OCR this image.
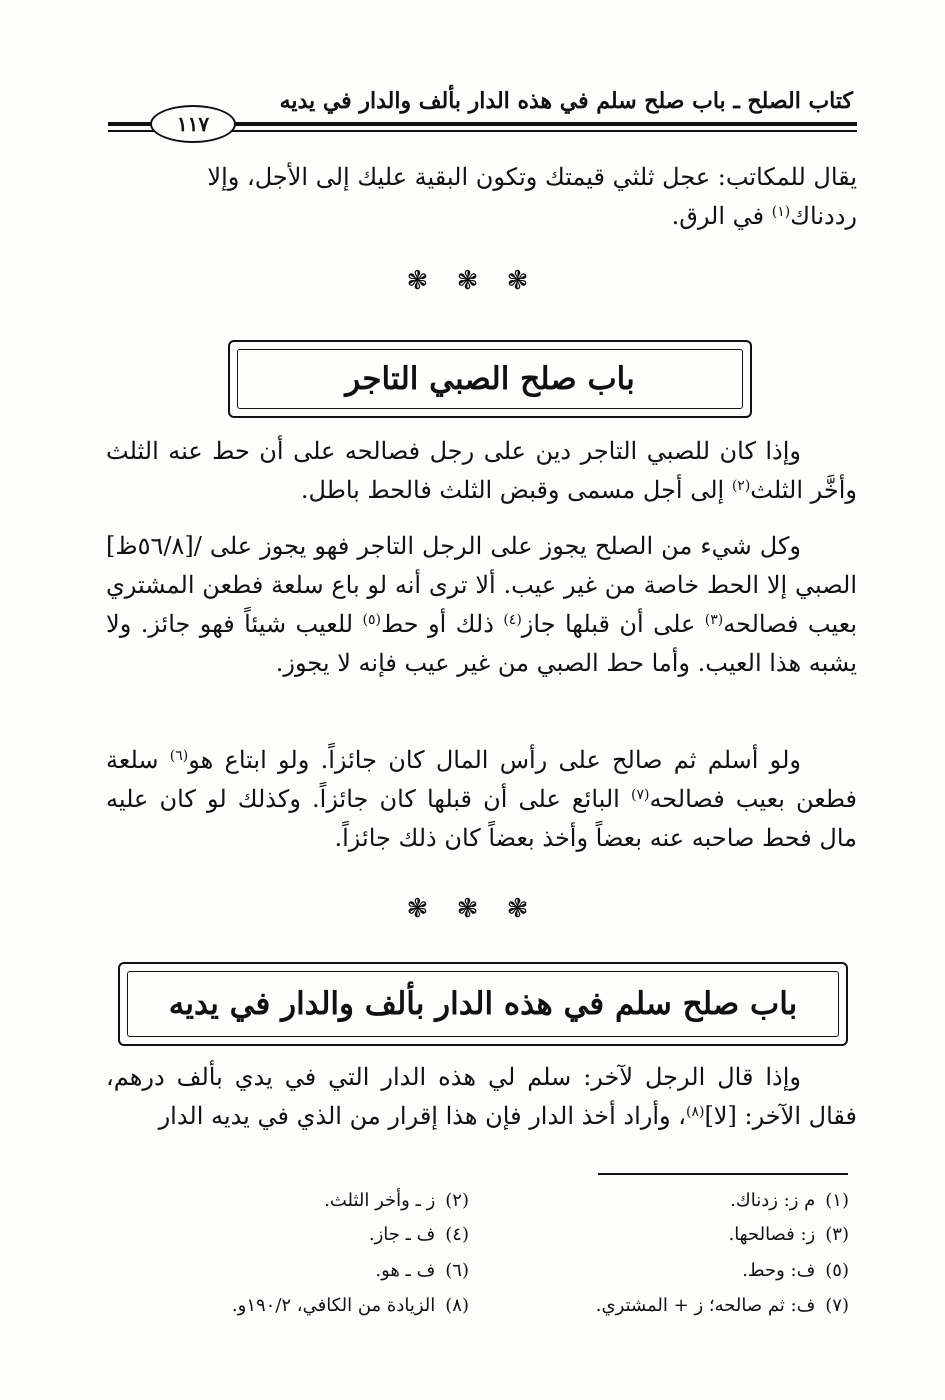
كتاب الصلح ـ باب صلح سلم في هذه الدار بألف والدار في يديه
١١٧

يقال للمكاتب: عجل ثلثي قيمتك وتكون البقية عليك إلى الأجل، وإلا
رددناك$^{(١)}$ في الرق.

❃ ❃ ❃
باب صلح الصبي التاجر

وإذا كان للصبي التاجر دين على رجل فصالحه على أن حط عنه الثلث وأخَّر الثلث$^{(٢)}$ إلى أجل مسمى وقبض الثلث فالحط باطل.

وكل شيء من الصلح يجوز على الرجل التاجر فهو يجوز على /[٥٦/٨ظ] الصبي إلا الحط خاصة من غير عيب. ألا ترى أنه لو باع سلعة فطعن المشتري بعيب فصالحه$^{(٣)}$ على أن قبلها جاز$^{(٤)}$ ذلك أو حط$^{(٥)}$ للعيب شيئاً فهو جائز. ولا يشبه هذا العيب. وأما حط الصبي من غير عيب فإنه لا يجوز.

ولو أسلم ثم صالح على رأس المال كان جائزاً. ولو ابتاع هو$^{(٦)}$ سلعة فطعن بعيب فصالحه$^{(٧)}$ البائع على أن قبلها كان جائزاً. وكذلك لو كان عليه مال فحط صاحبه عنه بعضاً وأخذ بعضاً كان ذلك جائزاً.

❃ ❃ ❃
باب صلح سلم في هذه الدار بألف والدار في يديه

وإذا قال الرجل لآخر: سلم لي هذه الدار التي في يدي بألف درهم، فقال الآخر: [لا]$^{(٨)}$، وأراد أخذ الدار فإن هذا إقرار من الذي في يديه الدار

(١)م ز: زدناك.
(٢)ز ـ وأخر الثلث.
(٣)ز: فصالحها.
(٤)ف ـ جاز.
(٥)ف: وحط.
(٦)ف ـ هو.
(٧)ف: ثم صالحه؛ ز + المشتري.
(٨)الزيادة من الكافي، ١٩٠/٢و.
